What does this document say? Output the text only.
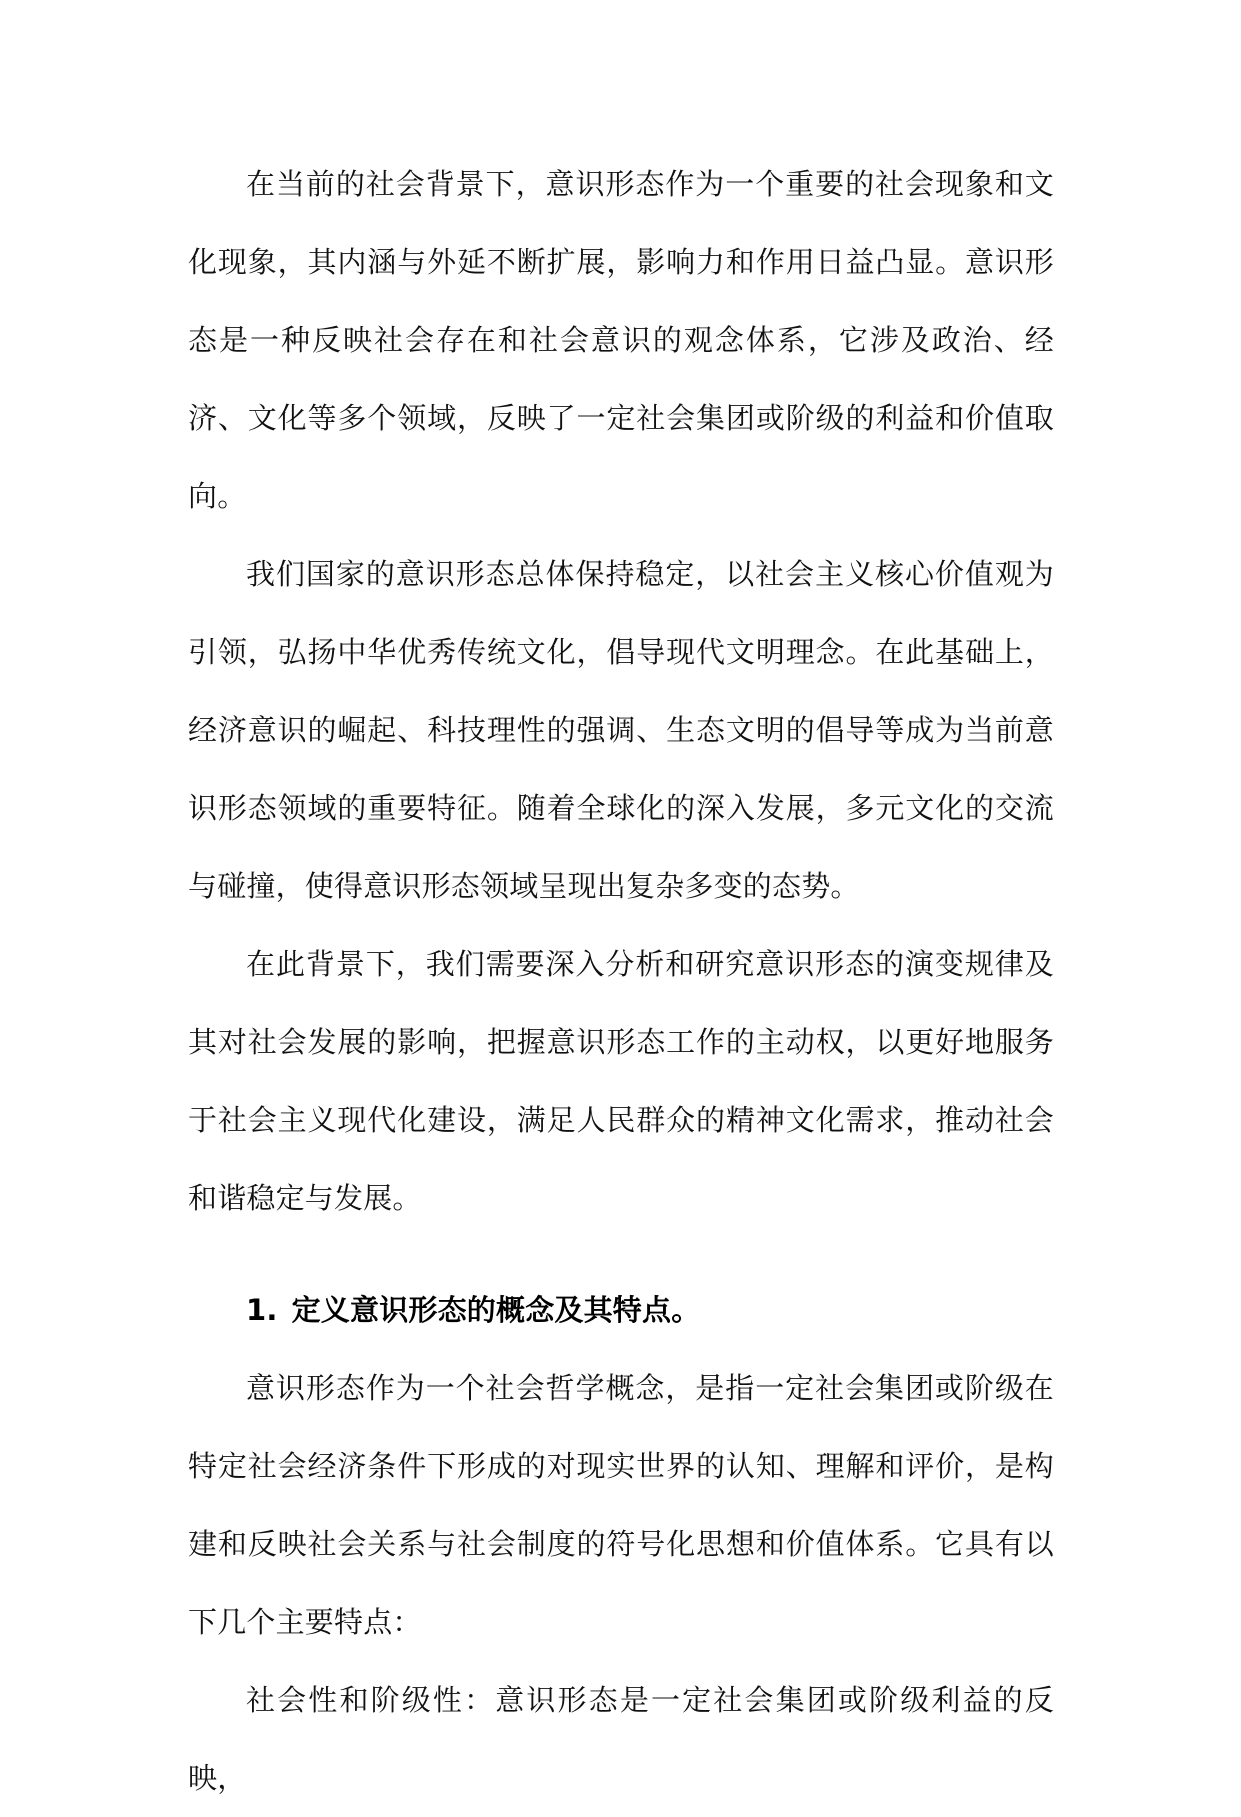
在当前的社会背景下，意识形态作为一个重要的社会现象和文化现象，其内涵与外延不断扩展，影响力和作用日益凸显。意识形态是一种反映社会存在和社会意识的观念体系，它涉及政治、经济、文化等多个领域，反映了一定社会集团或阶级的利益和价值取向。

我们国家的意识形态总体保持稳定，以社会主义核心价值观为引领，弘扬中华优秀传统文化，倡导现代文明理念。在此基础上，经济意识的崛起、科技理性的强调、生态文明的倡导等成为当前意识形态领域的重要特征。随着全球化的深入发展，多元文化的交流与碰撞，使得意识形态领域呈现出复杂多变的态势。

在此背景下，我们需要深入分析和研究意识形态的演变规律及其对社会发展的影响，把握意识形态工作的主动权，以更好地服务于社会主义现代化建设，满足人民群众的精神文化需求，推动社会和谐稳定与发展。

1. 定义意识形态的概念及其特点。

意识形态作为一个社会哲学概念，是指一定社会集团或阶级在特定社会经济条件下形成的对现实世界的认知、理解和评价，是构建和反映社会关系与社会制度的符号化思想和价值体系。它具有以下几个主要特点：

社会性和阶级性：意识形态是一定社会集团或阶级利益的反映，
